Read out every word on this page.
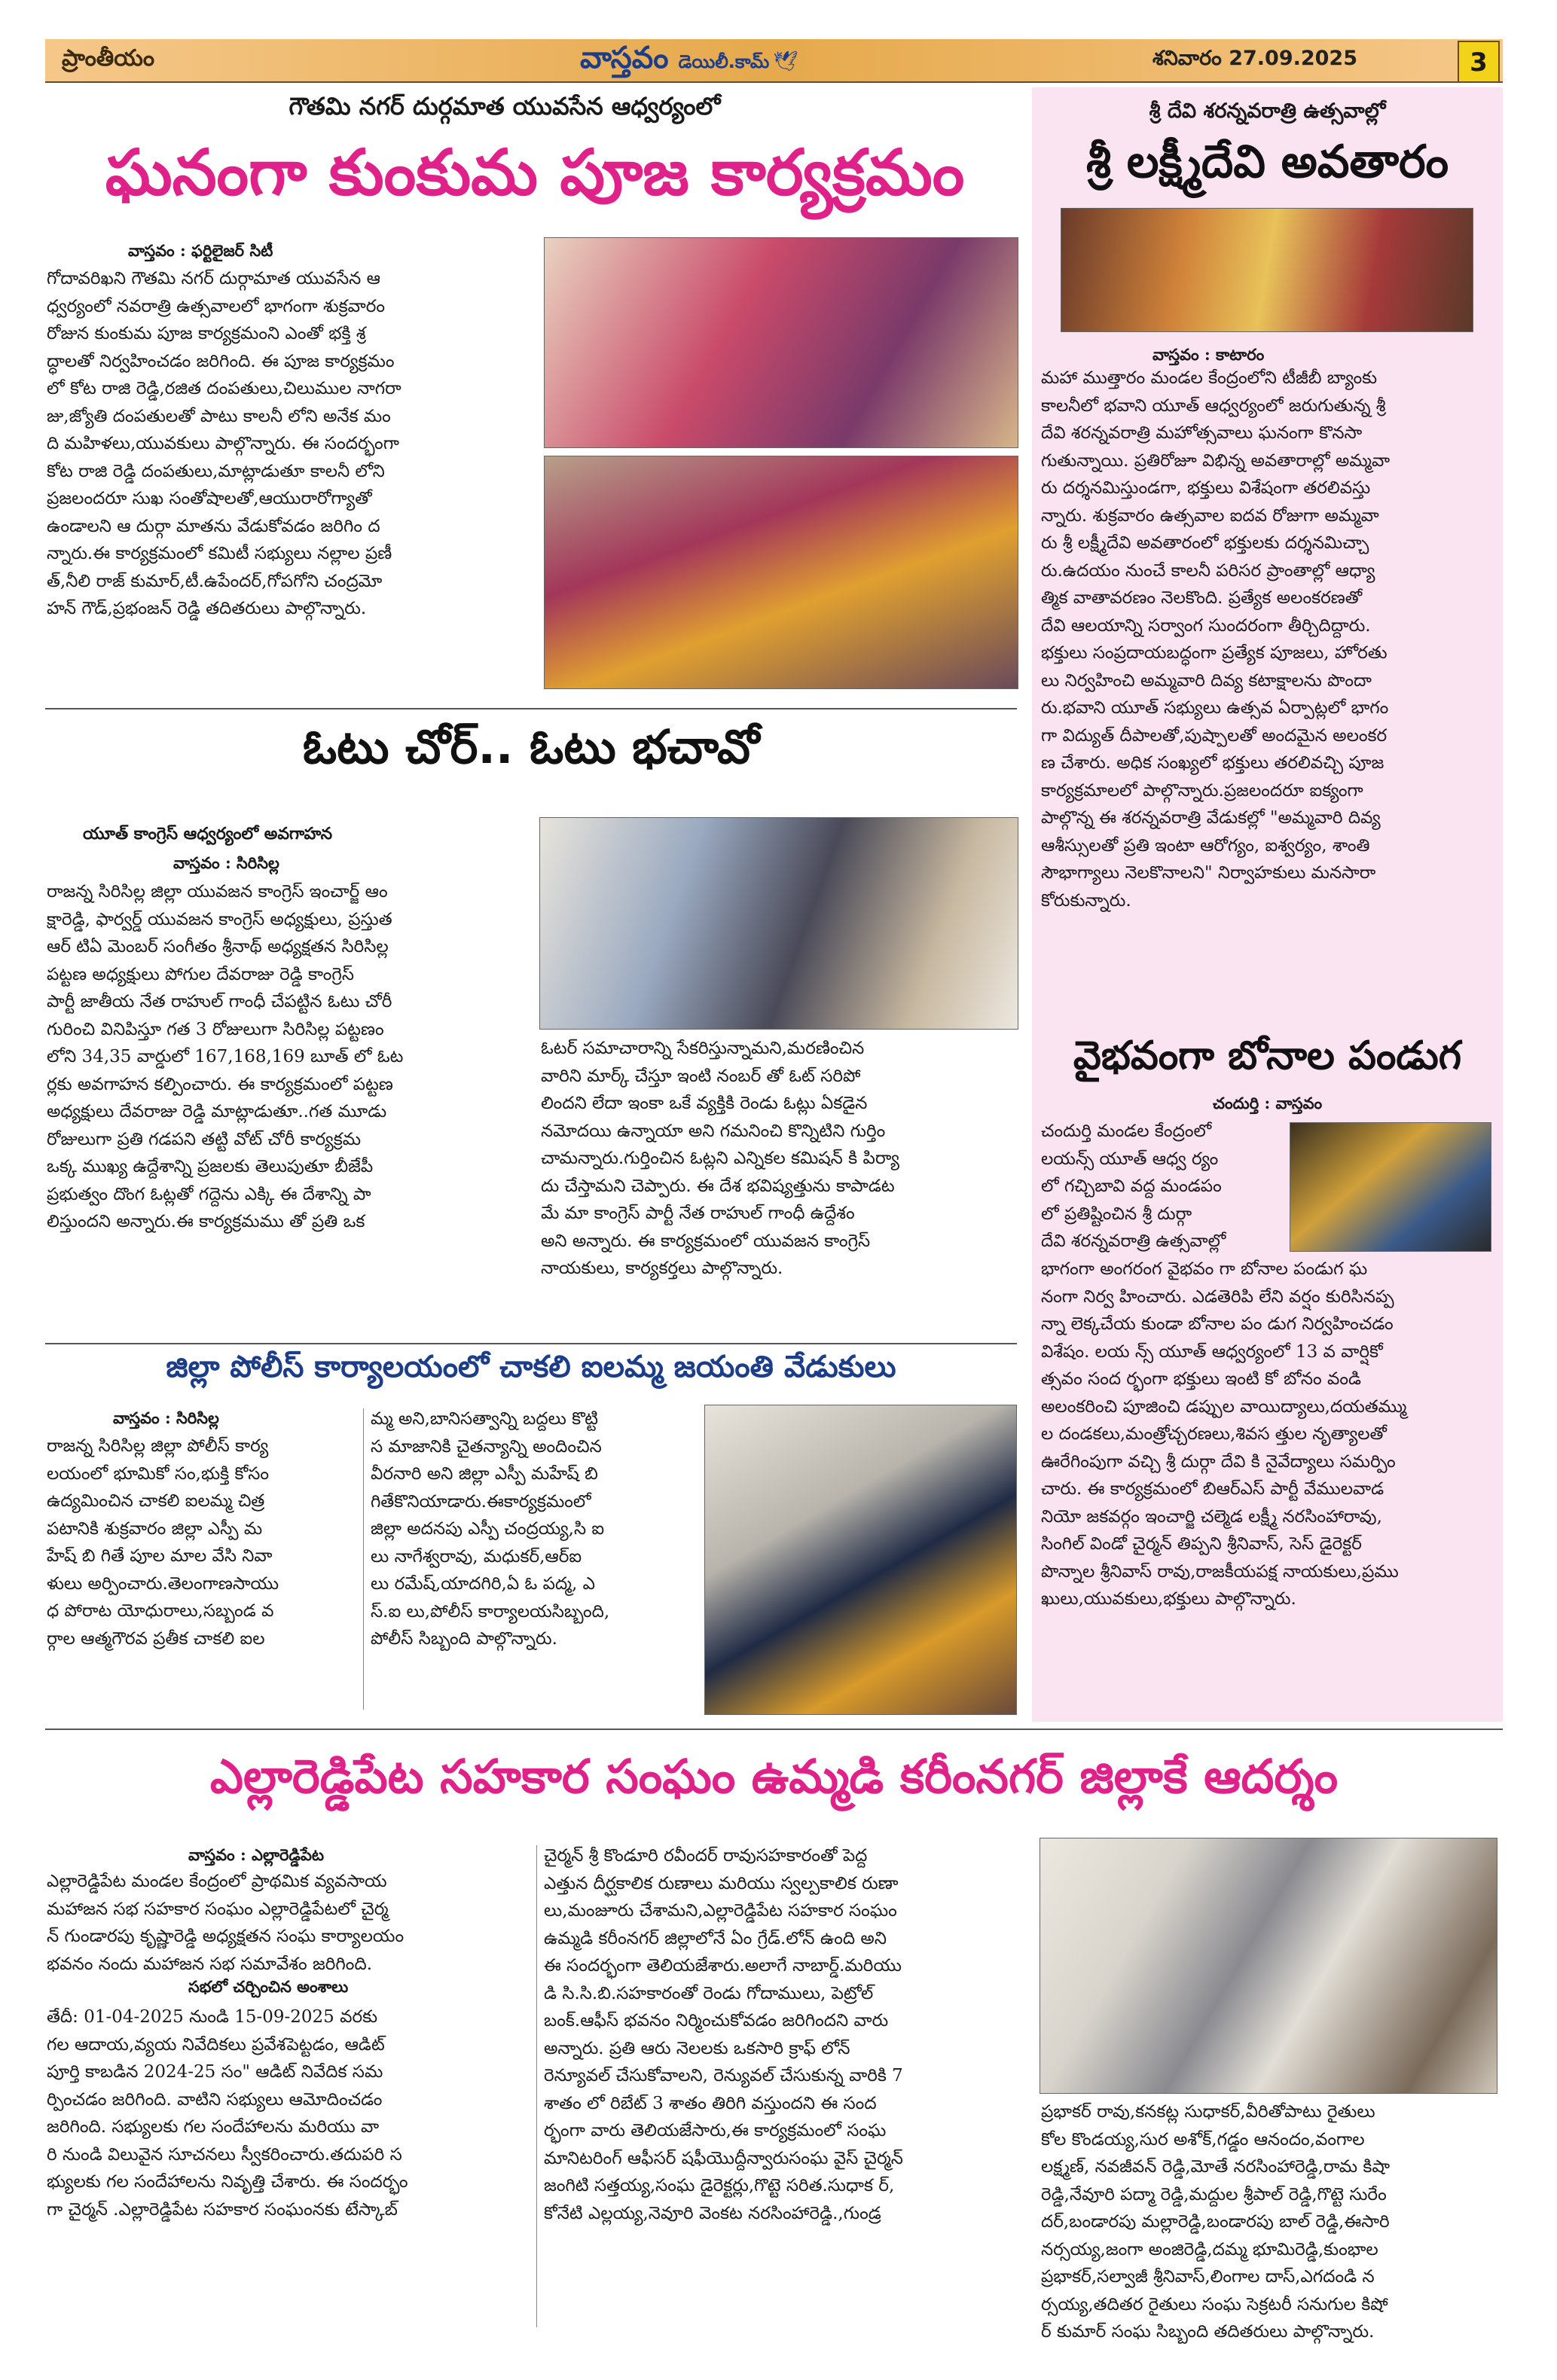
ప్రాంతీయం	వాస్తవం డెయిలీ.కామ్ 🕊	శనివారం 27.09.2025	3
గౌతమి నగర్ దుర్గమాత యువసేన ఆధ్వర్యంలో
ఘనంగా కుంకుమ పూజ కార్యక్రమం
వాస్తవం : ఫర్టిలైజర్ సిటీ
గోదావరిఖని గౌతమి నగర్ దుర్గామాత యువసేన ఆ
ధ్వర్యంలో నవరాత్రి ఉత్సవాలలో భాగంగా శుక్రవారం
రోజున కుంకుమ పూజ కార్యక్రమంని ఎంతో భక్తి శ్ర
ద్ధాలతో నిర్వహించడం జరిగింది. ఈ పూజ కార్యక్రమం
లో కోట రాజి రెడ్డి,రజిత దంపతులు,చిలుముల నాగరా
జు,జ్యోతి దంపతులతో పాటు కాలనీ లోని అనేక మం
ది మహిళలు,యువకులు పాల్గొన్నారు. ఈ సందర్భంగా
కోట రాజి రెడ్డి దంపతులు,మాట్లాడుతూ కాలనీ లోని
ప్రజలందరూ సుఖ సంతోషాలతో,ఆయురారోగ్యాతో
ఉండాలని ఆ దుర్గా మాతను వేడుకోవడం జరిగిం ద
న్నారు.ఈ కార్యక్రమంలో కమిటీ సభ్యులు నల్లాల ప్రణీ
త్,నీలి రాజ్ కుమార్,టీ.ఉపేందర్,గోపగోని చంద్రమో
హన్ గౌడ్,ప్రభంజన్ రెడ్డి తదితరులు పాల్గొన్నారు.
శ్రీ దేవి శరన్నవరాత్రి ఉత్సవాల్లో
శ్రీ లక్ష్మీదేవి అవతారం
వాస్తవం : కాటారం
మహా ముత్తారం మండల కేంద్రంలోని టీజీబీ బ్యాంకు
కాలనీలో భవాని యూత్ ఆధ్వర్యంలో జరుగుతున్న శ్రీ
దేవి శరన్నవరాత్రి మహోత్సవాలు ఘనంగా కొనసా
గుతున్నాయి. ప్రతిరోజూ విభిన్న అవతారాల్లో అమ్మవా
రు దర్శనమిస్తుండగా, భక్తులు విశేషంగా తరలివస్తు
న్నారు. శుక్రవారం ఉత్సవాల ఐదవ రోజుగా అమ్మవా
రు శ్రీ లక్ష్మీదేవి అవతారంలో భక్తులకు దర్శనమిచ్చా
రు.ఉదయం నుంచే కాలనీ పరిసర ప్రాంతాల్లో ఆధ్యా
త్మిక వాతావరణం నెలకొంది. ప్రత్యేక అలంకరణతో
దేవి ఆలయాన్ని సర్వాంగ సుందరంగా తీర్చిదిద్దారు.
భక్తులు సంప్రదాయబద్ధంగా ప్రత్యేక పూజలు, హోరతు
లు నిర్వహించి అమ్మవారి దివ్య కటాక్షాలను పొందా
రు.భవాని యూత్ సభ్యులు ఉత్సవ ఏర్పాట్లలో భాగం
గా విద్యుత్ దీపాలతో,పుష్పాలతో అందమైన అలంకర
ణ చేశారు. అధిక సంఖ్యలో భక్తులు తరలివచ్చి పూజ
కార్యక్రమాలలో పాల్గొన్నారు.ప్రజలందరూ ఐక్యంగా
పాల్గొన్న ఈ శరన్నవరాత్రి వేడుకల్లో "అమ్మవారి దివ్య
ఆశీస్సులతో ప్రతి ఇంటా ఆరోగ్యం, ఐశ్వర్యం, శాంతి
సౌభాగ్యాలు నెలకొనాలని" నిర్వాహకులు మనసారా
కోరుకున్నారు.
వైభవంగా బోనాల పండుగ
చందుర్తి : వాస్తవం
చందుర్తి మండల కేంద్రంలో
లయన్స్ యూత్ ఆధ్వ ర్యం
లో గచ్చిబావి వద్ద మండపం
లో ప్రతిష్టించిన శ్రీ దుర్గా
దేవి శరన్నవరాత్రి ఉత్సవాల్లో
భాగంగా అంగరంగ వైభవం గా బోనాల పండుగ ఘ
నంగా నిర్వ హించారు. ఎడతెరిపి లేని వర్షం కురిసినప్ప
న్నా లెక్కచేయ కుండా బోనాల పం డుగ నిర్వహించడం
విశేషం. లయ న్స్ యూత్ ఆధ్వర్యంలో 13 వ వార్షికో
త్సవం సంద ర్భంగా భక్తులు ఇంటి కో బోనం వండి
అలంకరించి పూజించి డప్పుల వాయిద్యాలు,దయతమ్ము
ల దండకలు,మంత్రోచ్చరణలు,శివస త్తుల నృత్యాలతో
ఊరేగింపుగా వచ్చి శ్రీ దుర్గా దేవి కి నైవేద్యాలు సమర్పిం
చారు. ఈ కార్యక్రమంలో బిఆర్ఎస్ పార్టీ వేములవాడ
నియో జకవర్గం ఇంచార్జి చల్మెడ లక్ష్మీ నరసింహారావు,
సింగిల్ విండో చైర్మన్ తిప్పని శ్రీనివాస్, సెస్ డైరెక్టర్
పొన్నాల శ్రీనివాస్ రావు,రాజకీయపక్ష నాయకులు,ప్రము
ఖులు,యువకులు,భక్తులు పాల్గొన్నారు.
ఓటు చోర్.. ఓటు భచావో
యూత్ కాంగ్రెస్ ఆధ్వర్యంలో అవగాహన
వాస్తవం : సిరిసిల్ల
రాజన్న సిరిసిల్ల జిల్లా యువజన కాంగ్రెస్ ఇంచార్జ్ ఆం
క్షారెడ్డి, ఫార్వర్డ్ యువజన కాంగ్రెస్ అధ్యక్షులు, ప్రస్తుత
ఆర్ టిఏ మెంబర్ సంగీతం శ్రీనాథ్ అధ్యక్షతన సిరిసిల్ల
పట్టణ అధ్యక్షులు పోగుల దేవరాజు రెడ్డి కాంగ్రెస్
పార్టీ జాతీయ నేత రాహుల్ గాంధీ చేపట్టిన ఓటు చోరీ
గురించి వినిపిస్తూ గత 3 రోజులుగా సిరిసిల్ల పట్టణం
లోని 34,35 వార్డులో 167,168,169 బూత్ లో ఓట
ర్లకు అవగాహన కల్పించారు. ఈ కార్యక్రమంలో పట్టణ
అధ్యక్షులు దేవరాజు రెడ్డి మాట్లాడుతూ..గత మూడు
రోజులుగా ప్రతి గడపని తట్టి వోట్ చోరీ కార్యక్రమ
ఒక్క ముఖ్య ఉద్దేశాన్ని ప్రజలకు తెలుపుతూ బీజేపీ
ప్రభుత్వం దొంగ ఓట్లతో గద్దెను ఎక్కి ఈ దేశాన్ని పా
లిస్తుందని అన్నారు.ఈ కార్యక్రమము తో ప్రతి ఒక
ఓటర్ సమాచారాన్ని సేకరిస్తున్నామని,మరణించిన
వారిని మార్క్ చేస్తూ ఇంటి నంబర్ తో ఓట్ సరిపో
లిందని లేదా ఇంకా ఒకే వ్యక్తికి రెండు ఓట్లు ఏకడైన
నమోదయి ఉన్నాయా అని గమనించి కొన్నిటిని గుర్తిం
చామన్నారు.గుర్తించిన ఓట్లని ఎన్నికల కమిషన్ కి పిర్యా
దు చేస్తామని చెప్పారు. ఈ దేశ భవిష్యత్తును కాపాడట
మే మా కాంగ్రెస్ పార్టీ నేత రాహుల్ గాంధీ ఉద్దేశం
అని అన్నారు. ఈ కార్యక్రమంలో యువజన కాంగ్రెస్
నాయకులు, కార్యకర్తలు పాల్గొన్నారు.
జిల్లా పోలీస్ కార్యాలయంలో చాకలి ఐలమ్మ జయంతి వేడుకులు
వాస్తవం : సిరిసిల్ల
రాజన్న సిరిసిల్ల జిల్లా పోలీస్ కార్య
లయంలో భూమికో సం,భుక్తి కోసం
ఉద్యమించిన చాకలి ఐలమ్మ చిత్ర
పటానికి శుక్రవారం జిల్లా ఎస్పీ మ
హేష్ బి గితే పూల మాల వేసి నివా
ళులు అర్పించారు.తెలంగాణసాయు
ధ పోరాట యోధురాలు,సబ్బండ వ
ర్గాల ఆత్మగౌరవ ప్రతీక చాకలి ఐల
మ్మ అని,బానిసత్వాన్ని బద్దలు కొట్టి
స మాజానికి చైతన్యాన్ని అందించిన
వీరనారి అని జిల్లా ఎస్పీ మహేష్ బి
గితేకొనియాడారు.ఈకార్యక్రమంలో
జిల్లా అదనపు ఎస్పీ చంద్రయ్య,సి ఐ
లు నాగేశ్వరావు, మధుకర్,ఆర్ఐ
లు రమేష్,యాదగిరి,ఏ ఓ పద్మ, ఎ
స్.ఐ లు,పోలీస్ కార్యాలయసిబ్బంది,
పోలీస్ సిబ్బంది పాల్గొన్నారు.
ఎల్లారెడ్డిపేట సహకార సంఘం ఉమ్మడి కరీంనగర్ జిల్లాకే ఆదర్శం
వాస్తవం : ఎల్లారెడ్డిపేట
ఎల్లారెడ్డిపేట మండల కేంద్రంలో ప్రాథమిక వ్యవసాయ
మహాజన సభ సహకార సంఘం ఎల్లారెడ్డిపేటలో చైర్మ
న్ గుండారపు కృష్ణారెడ్డి అధ్యక్షతన సంఘ కార్యాలయం
భవనం నందు మహాజన సభ సమావేశం జరిగింది.
సభలో చర్చించిన అంశాలు
తేదీ: 01-04-2025 నుండి 15-09-2025 వరకు
గల ఆదాయ,వ్యయ నివేదికలు ప్రవేశపెట్టడం, ఆడిట్
పూర్తి కాబడిన 2024-25 సం" ఆడిట్ నివేదిక సమ
ర్పించడం జరిగింది. వాటిని సభ్యులు ఆమోదించడం
జరిగింది. సభ్యులకు గల సందేహాలను మరియు వా
రి నుండి విలువైన సూచనలు స్వీకరించారు.తదుపరి స
భ్యులకు గల సందేహాలను నివృత్తి చేశారు. ఈ సందర్భం
గా చైర్మన్ .ఎల్లారెడ్డిపేట సహకార సంఘంనకు టేస్కాబ్
చైర్మన్ శ్రీ కొండూరి రవీందర్ రావుసహకారంతో పెద్ద
ఎత్తున దీర్ఘకాలిక రుణాలు మరియు స్వల్పకాలిక రుణా
లు,మంజూరు చేశామని,ఎల్లారెడ్డిపేట సహకార సంఘం
ఉమ్మడి కరీంనగర్ జిల్లాలోనే ఏం గ్రేడ్.లోన్ ఉంది అని
ఈ సందర్భంగా తెలియజేశారు.అలాగే నాబార్డ్.మరియు
డి సి.సి.బి.సహకారంతో రెండు గోదాములు, పెట్రోల్
బంక్.ఆఫీస్ భవనం నిర్మించుకోవడం జరిగిందని వారు
అన్నారు. ప్రతి ఆరు నెలలకు ఒకసారి క్రాఫ్ లోన్
రెన్యూవల్ చేసుకోవాలని, రెన్యువల్ చేసుకున్న వారికి 7
శాతం లో రిబేట్ 3 శాతం తిరిగి వస్తుందని ఈ సంద
ర్భంగా వారు తెలియజేసారు,ఈ కార్యక్రమంలో సంఘ
మానిటరింగ్ ఆఫీసర్ షఫీయొద్దీన్వారుసంఘ వైస్ చైర్మన్
జంగిటి సత్తయ్య,సంఘ డైరెక్టర్లు,గొట్టె సరిత.సుధాక ర్,
కోనేటి ఎల్లయ్య,నెవూరి వెంకట నరసింహారెడ్డి.,గుండ్ర
ప్రభాకర్ రావు,కనకట్ల సుధాకర్,వీరితోపాటు రైతులు
కోల కొండయ్య,సుర అశోక్,గడ్డం ఆనందం,వంగాల
లక్ష్మణ్, నవజీవన్ రెడ్డి,మోతే నరసింహారెడ్డి,రామ కిషా
రెడ్డి,నేవూరి పద్మా రెడ్డి,మద్దుల శ్రీపాల్ రెడ్డి,గొట్టె సురేం
దర్,బండారపు మల్లారెడ్డి,బండారపు బాల్ రెడ్డి,ఈసారి
నర్సయ్య,జంగా అంజిరెడ్డి,దమ్మ భూమిరెడ్డి,కుంభాల
ప్రభాకర్,సల్వాజీ శ్రీనివాస్,లింగాల దాస్,ఎగదండి న
ర్సయ్య,తదితర రైతులు సంఘ సెక్రటరీ సనుగుల కిషో
ర్ కుమార్ సంఘ సిబ్బంది తదితరులు పాల్గొన్నారు.
